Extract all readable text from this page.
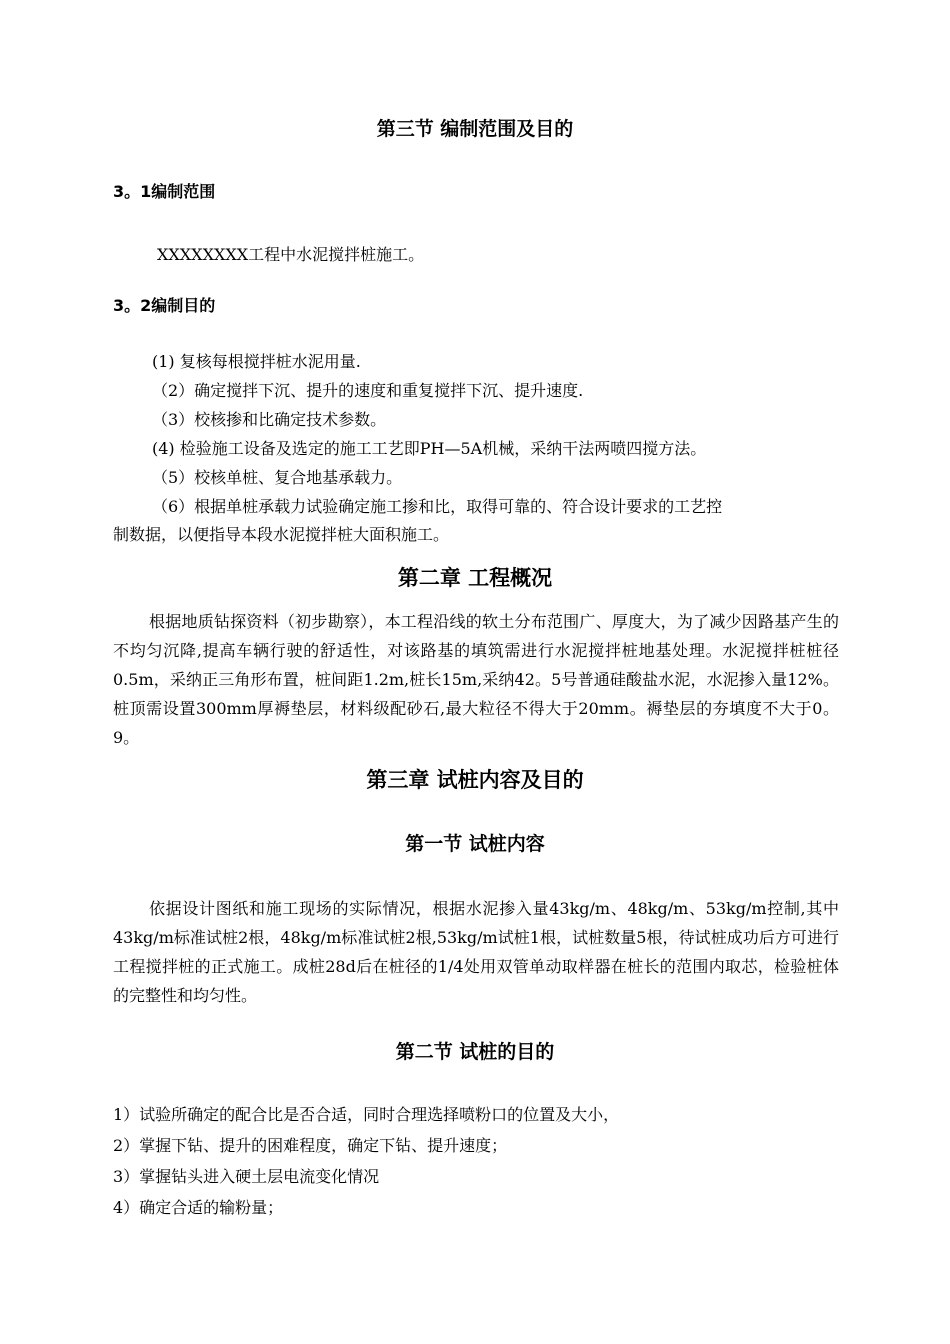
第三节 编制范围及目的
3。1编制范围
XXXXXXXX工程中水泥搅拌桩施工。
3。2编制目的
(1) 复核每根搅拌桩水泥用量.
（2）确定搅拌下沉、提升的速度和重复搅拌下沉、提升速度.
（3）校核掺和比确定技术参数。
(4) 检验施工设备及选定的施工工艺即PH—5A机械，采纳干法两喷四搅方法。
（5）校核单桩、复合地基承载力。
（6）根据单桩承载力试验确定施工掺和比，取得可靠的、符合设计要求的工艺控
制数据，以便指导本段水泥搅拌桩大面积施工。
第二章 工程概况

根据地质钻探资料（初步勘察），本工程沿线的软土分布范围广、厚度大，为了减少因路基产生的不均匀沉降,提高车辆行驶的舒适性，对该路基的填筑需进行水泥搅拌桩地基处理。水泥搅拌桩桩径0.5m，采纳正三角形布置，桩间距1.2m,桩长15m,采纳42。5号普通硅酸盐水泥，水泥掺入量12%。桩顶需设置300mm厚褥垫层，材料级配砂石,最大粒径不得大于20mm。褥垫层的夯填度不大于0。9。

第三章 试桩内容及目的
第一节 试桩内容

依据设计图纸和施工现场的实际情况，根据水泥掺入量43kg/m、48kg/m、53kg/m控制,其中43kg/m标准试桩2根，48kg/m标准试桩2根,53kg/m试桩1根，试桩数量5根，待试桩成功后方可进行工程搅拌桩的正式施工。成桩28d后在桩径的1/4处用双管单动取样器在桩长的范围内取芯，检验桩体的完整性和均匀性。

第二节 试桩的目的
1）试验所确定的配合比是否合适，同时合理选择喷粉口的位置及大小，
2）掌握下钻、提升的困难程度，确定下钻、提升速度；
3）掌握钻头进入硬土层电流变化情况
4）确定合适的输粉量；
